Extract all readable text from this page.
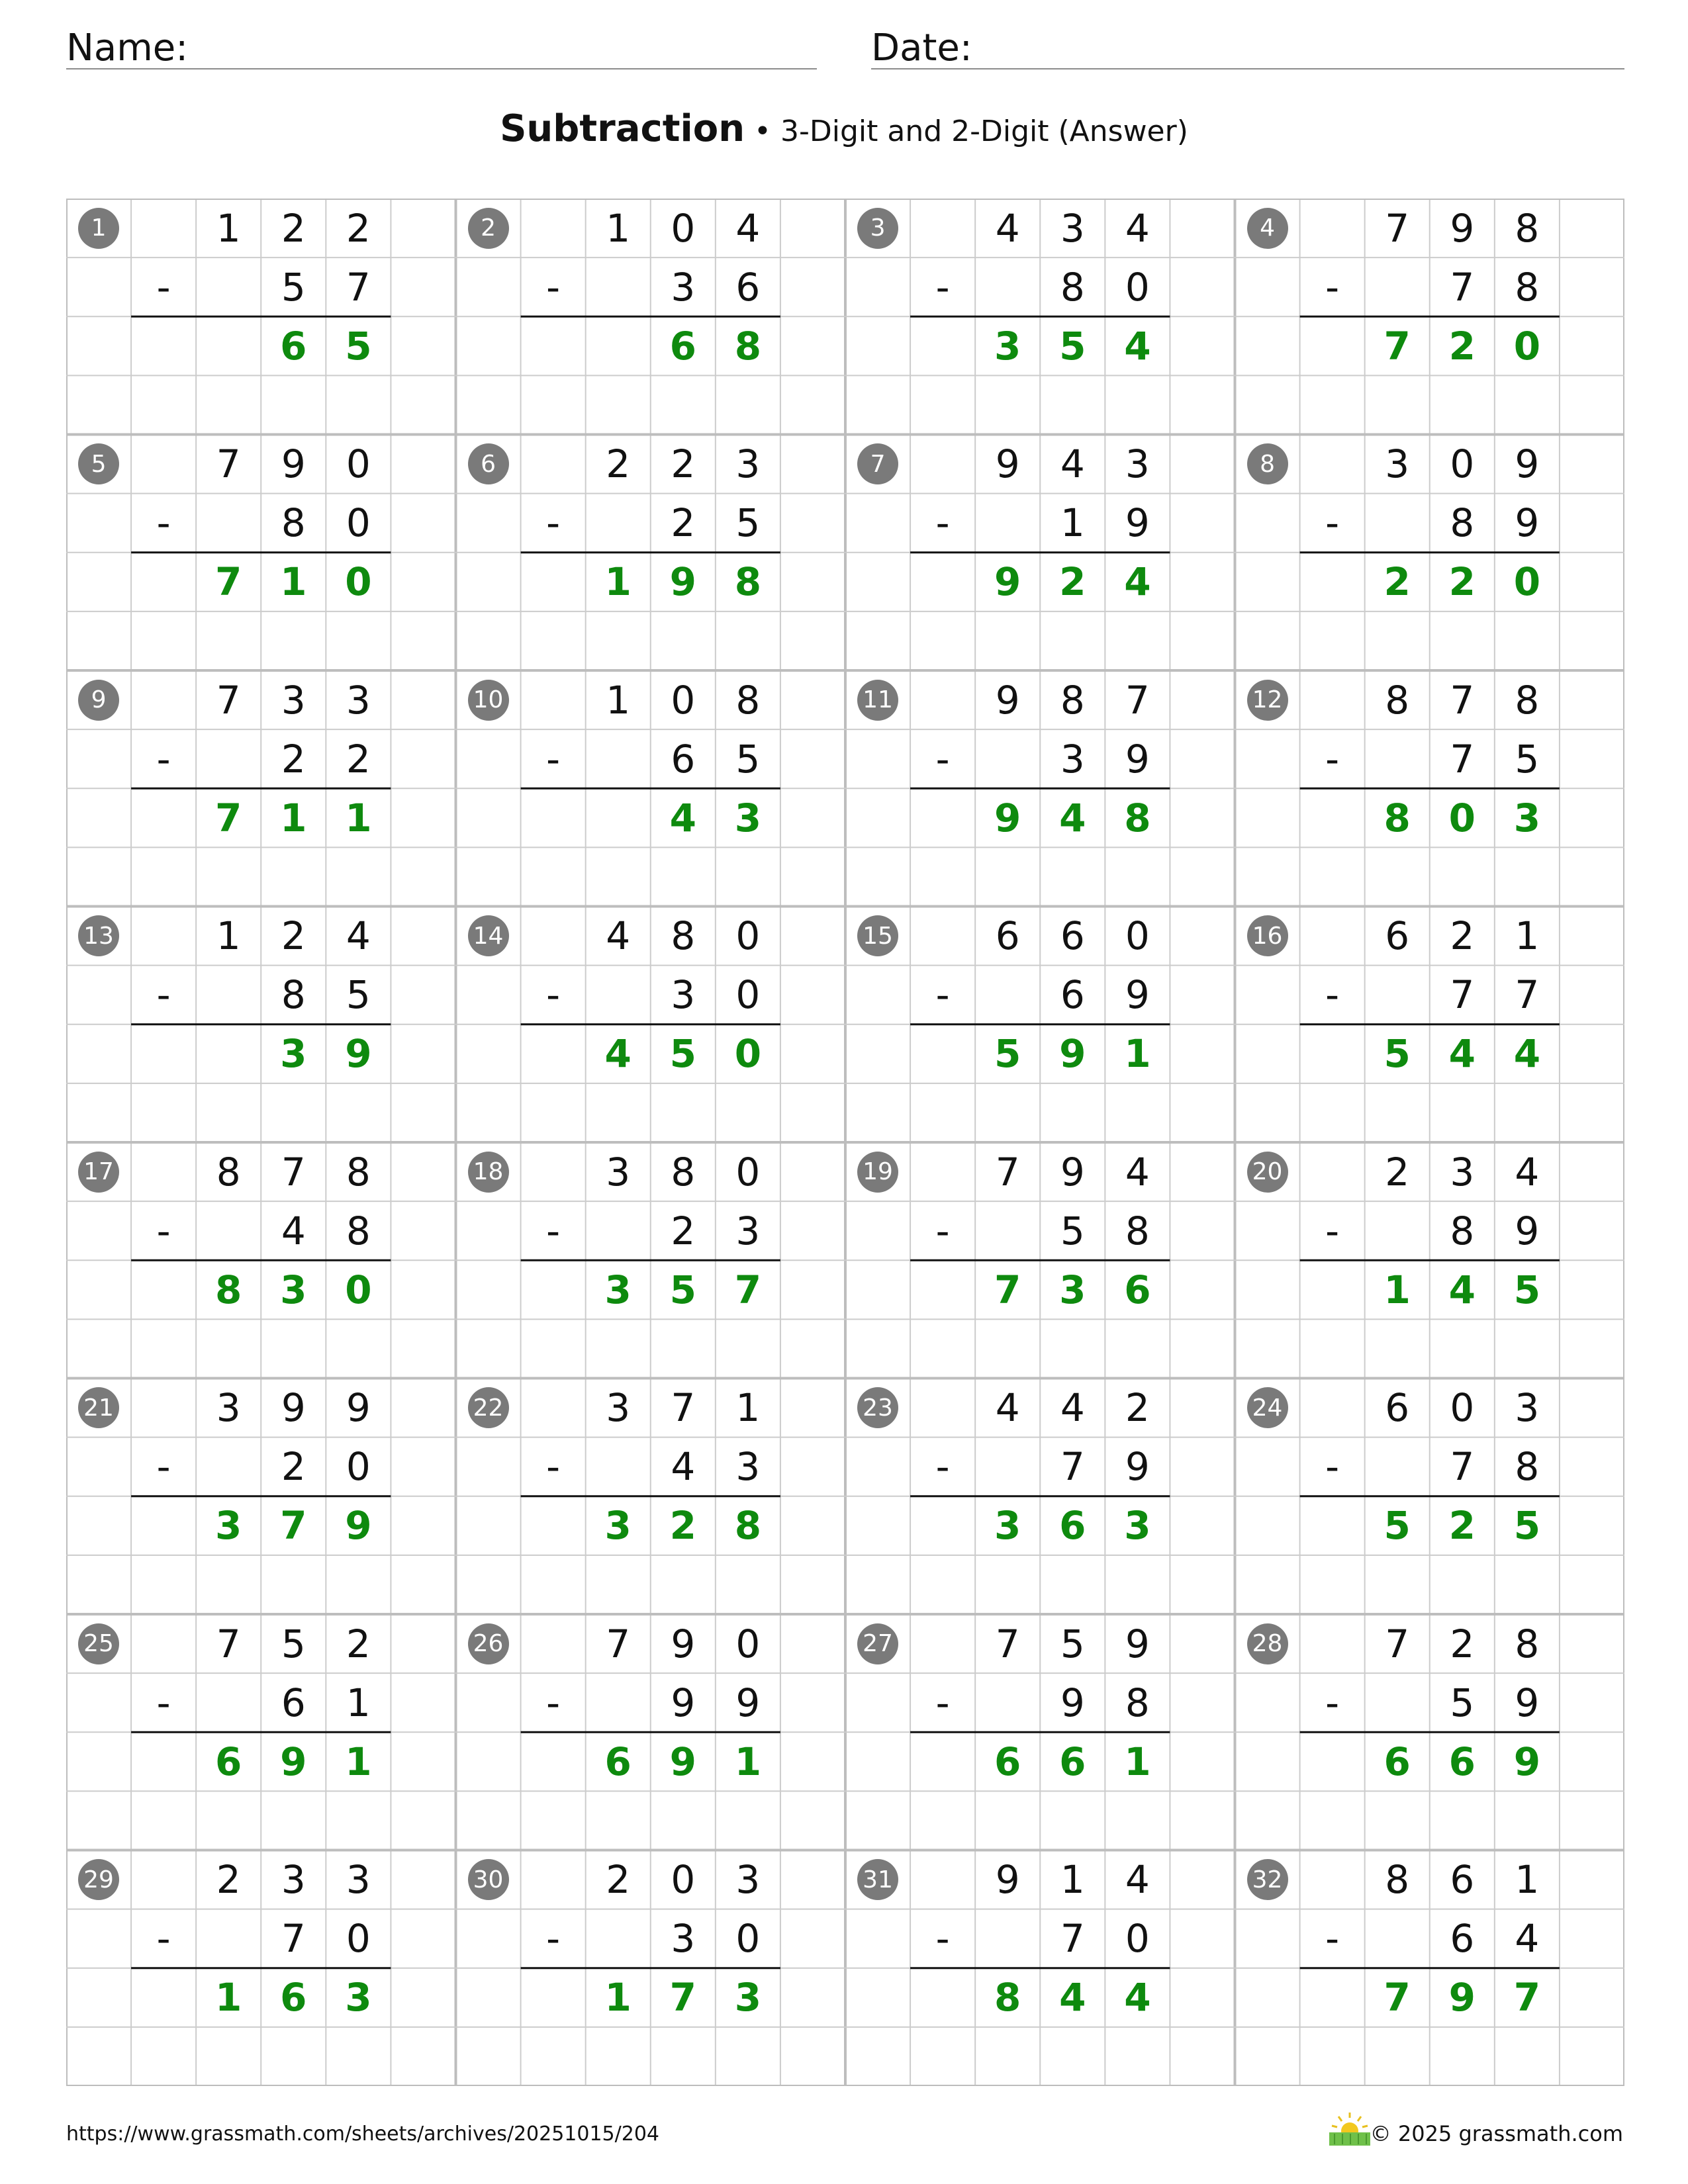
Name:	Date:
Subtraction • 3-Digit and 2-Digit (Answer)
1	1	2	2
-	5	7
6 5
2	1	0	4
-	3	6
6 8
3	4	3	4
-	8	0
3 5 4
4	7	9	8
-	7	8
7 2 0
5	7	9	0
-	8	0
7 1 0
6	2	2	3
-	2	5
1 9 8
7	9	4	3
-	1	9
9 2 4
8	3	0	9
-	8	9
2 2 0
9	7	3	3
-	2	2
7 1 1
10	1	0	8
-	6	5
4 3
11	9	8	7
-	3	9
9 4 8
12	8	7	8
-	7	5
8 0 3
13	1	2	4
-	8	5
3 9
14	4	8	0
-	3	0
4 5 0
15	6	6	0
-	6	9
5 9 1
16	6	2	1
-	7	7
5 4 4
17	8	7	8
-	4	8
8 3 0
18	3	8	0
-	2	3
3 5 7
19	7	9	4
-	5	8
7 3 6
20	2	3	4
-	8	9
1 4 5
21	3	9	9
-	2	0
3 7 9
22	3	7	1
-	4	3
3 2 8
23	4	4	2
-	7	9
3 6 3
24	6	0	3
-	7	8
5 2 5
25	7	5	2
-	6	1
6 9 1
26	7	9	0
-	9	9
6 9 1
27	7	5	9
-	9	8
6 6 1
28	7	2	8
-	5	9
6 6 9
29	2	3	3
-	7	0
1 6 3
30	2	0	3
-	3	0
1 7 3
31	9	1	4
-	7	0
8 4 4
32	8	6	1
-	6	4
7 9 7
https://www.grassmath.com/sheets/archives/20251015/204	© 2025 grassmath.com
